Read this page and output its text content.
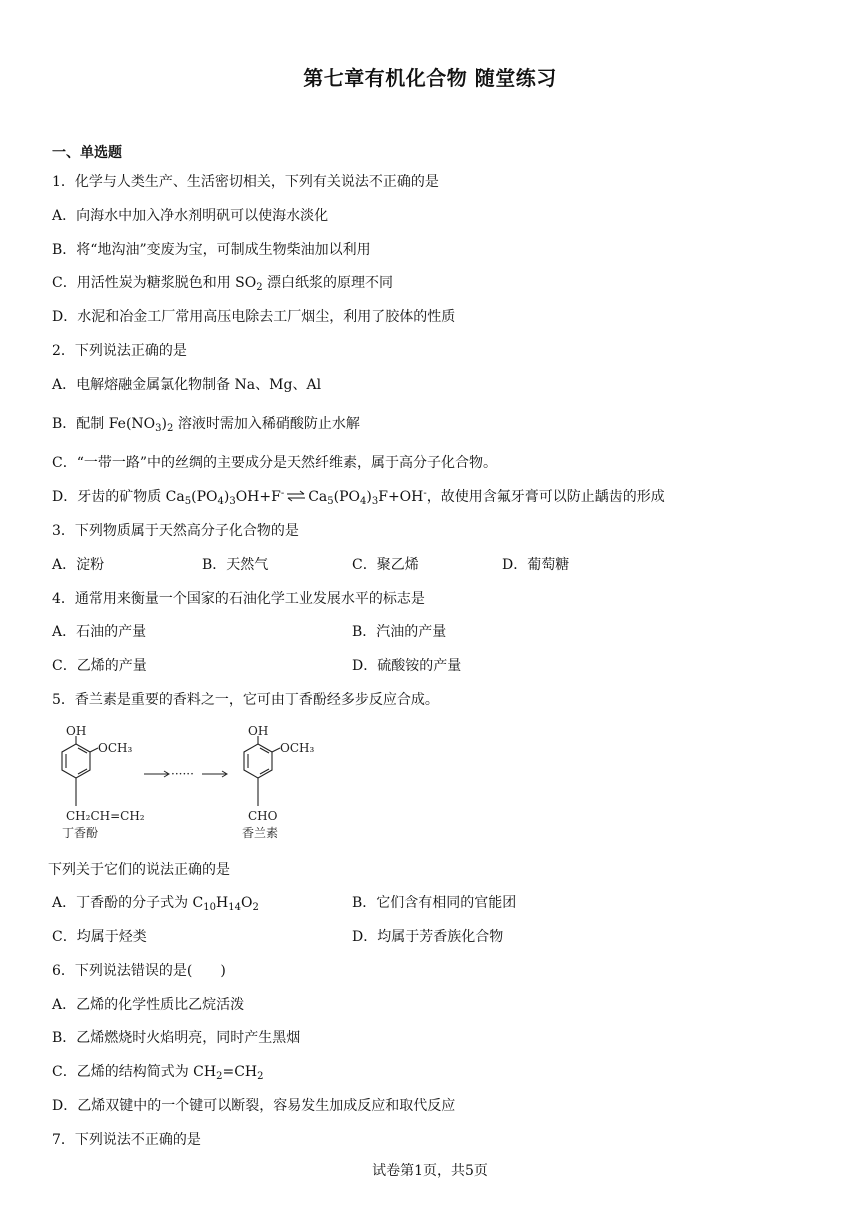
第七章有机化合物 随堂练习
一、单选题
1．化学与人类生产、生活密切相关，下列有关说法不正确的是
A．向海水中加入净水剂明矾可以使海水淡化
B．将“地沟油”变废为宝，可制成生物柴油加以利用
C．用活性炭为糖浆脱色和用 $SO_2$ 漂白纸浆的原理不同
D．水泥和冶金工厂常用高压电除去工厂烟尘，利用了胶体的性质
2．下列说法正确的是
A．电解熔融金属氯化物制备 Na、Mg、Al
B．配制 $Fe(NO_3)_2$ 溶液时需加入稀硝酸防止水解
C．“一带一路”中的丝绸的主要成分是天然纤维素，属于高分子化合物。
D．牙齿的矿物质 $Ca_5(PO_4)_3OH+F^-$ ⇌ $Ca_5(PO_4)_3F+OH^-$，故使用含氟牙膏可以防止龋齿的形成
3．下列物质属于天然高分子化合物的是
A．淀粉	B．天然气	C．聚乙烯	D．葡萄糖
4．通常用来衡量一个国家的石油化学工业发展水平的标志是
A．石油的产量	B．汽油的产量
C．乙烯的产量	D．硫酸铵的产量
5．香兰素是重要的香料之一，它可由丁香酚经多步反应合成。
OH
OCH₃
CH₂CH=CH₂
丁香酚
······
OH
OCH₃
CHO
香兰素
下列关于它们的说法正确的是
A．丁香酚的分子式为 $C_{10}H_{14}O_2$	B．它们含有相同的官能团
C．均属于烃类	D．均属于芳香族化合物
6．下列说法错误的是(　　)
A．乙烯的化学性质比乙烷活泼
B．乙烯燃烧时火焰明亮，同时产生黑烟
C．乙烯的结构简式为 $CH_2=CH_2$
D．乙烯双键中的一个键可以断裂，容易发生加成反应和取代反应
7．下列说法不正确的是
试卷第1页，共5页
